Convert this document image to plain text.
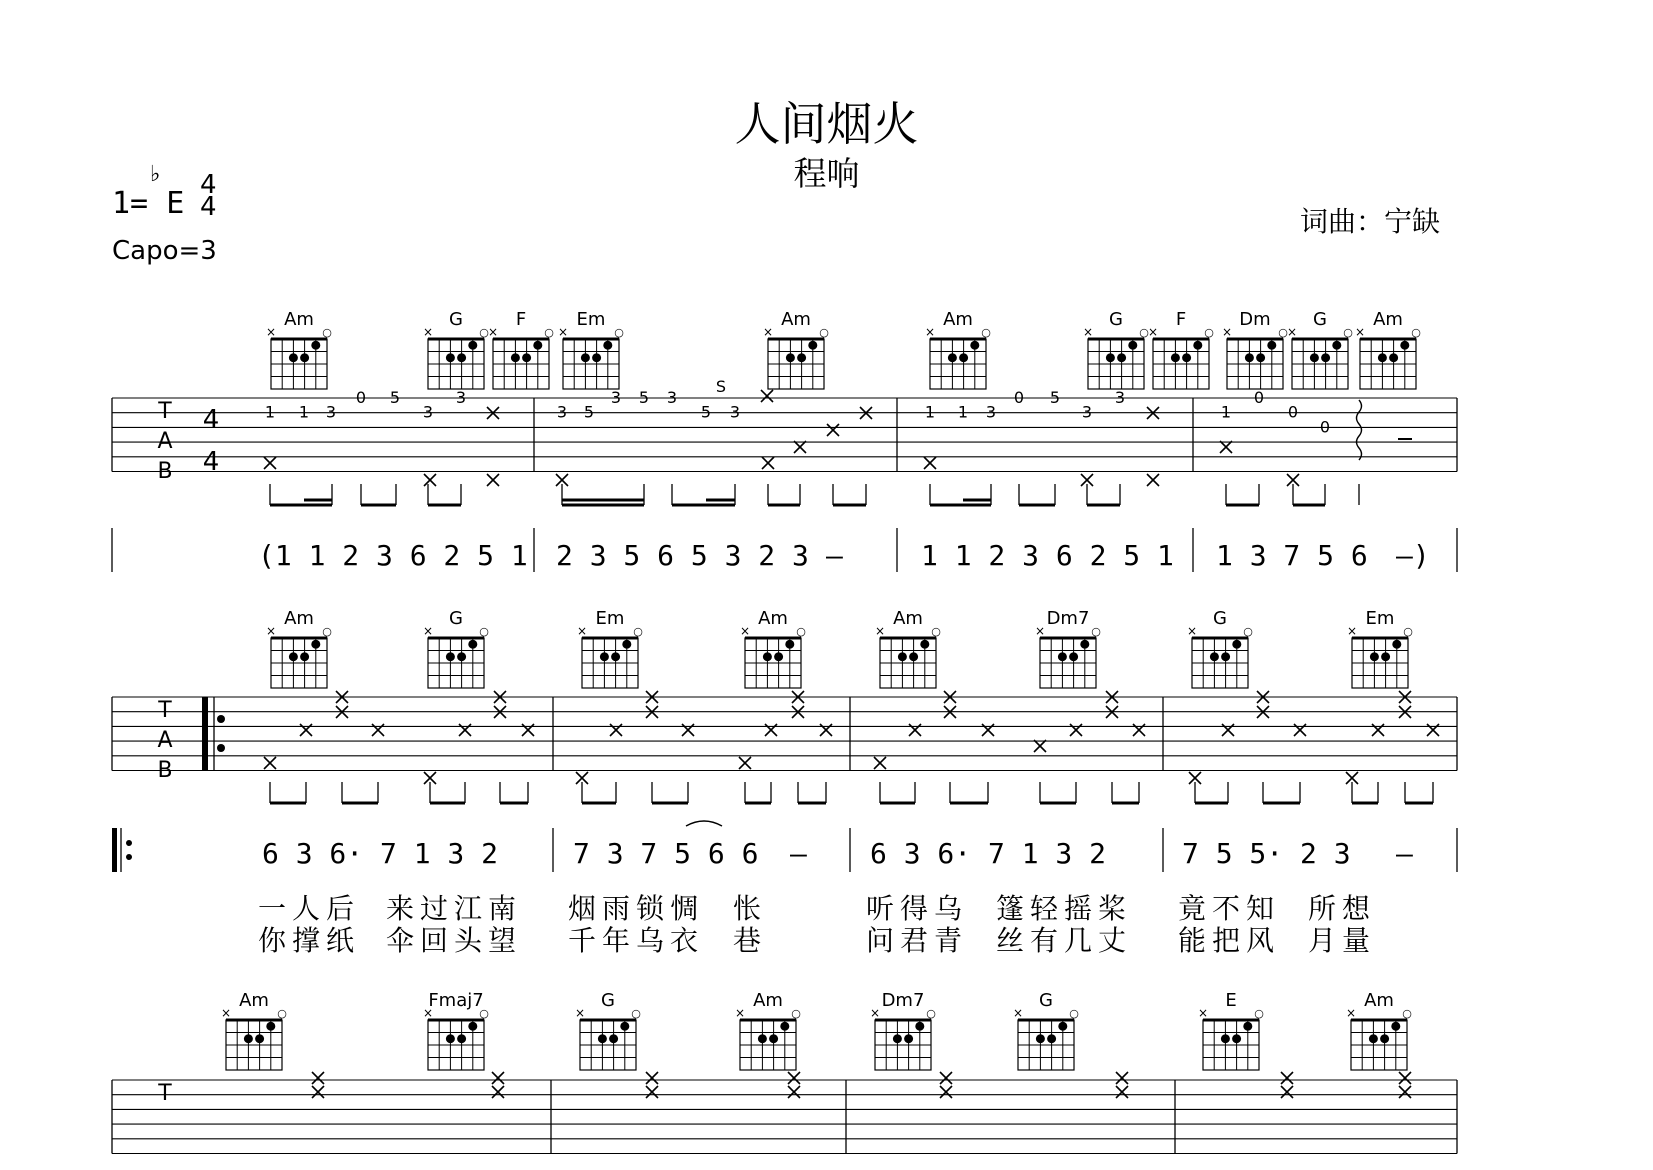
人间烟火
程响
1= E
♭ 4
4
Capo=3
词曲：宁缺
Am
×	○
G
×	○
F
×	○
Em
×	○
Am
×	○
Am
×	○
G
×	○
F
×	○
Dm
×	○
G
×	○
Am
×	○
T
A
B
4
4
1 1 3
0 5
3
3
3 5
3 5 3
5 3	1 1 3
0 5
3
3
1
0
0
0
S
(1 1 2 3 6 2 5 1 2 3 5 6 5 3 2 3 –	1 1 2 3 6 2 5 1 1 3 7 5 6 –)
Am
×	○
G
×	○
Em
×	○
Am
×	○
Am
×	○
Dm7
×	○
G
×	○
Em
×	○
T
A
B
6 3 6· 7 1 3 2	7 3 7 5 6 6 – 6 3 6· 7 1 3 2	7 5 5· 2 3 –
一人后 来过江南 烟雨锁惆 怅	听得乌 篷轻摇桨 竟不知 所想
你撑纸 伞回头望 千年乌衣 巷	问君青 丝有几丈 能把风 月量
Am
×	○
Fmaj7
×	○
G
×	○
Am
×	○
Dm7
×	○
G
×	○
E
×	○
Am
×	○
T
